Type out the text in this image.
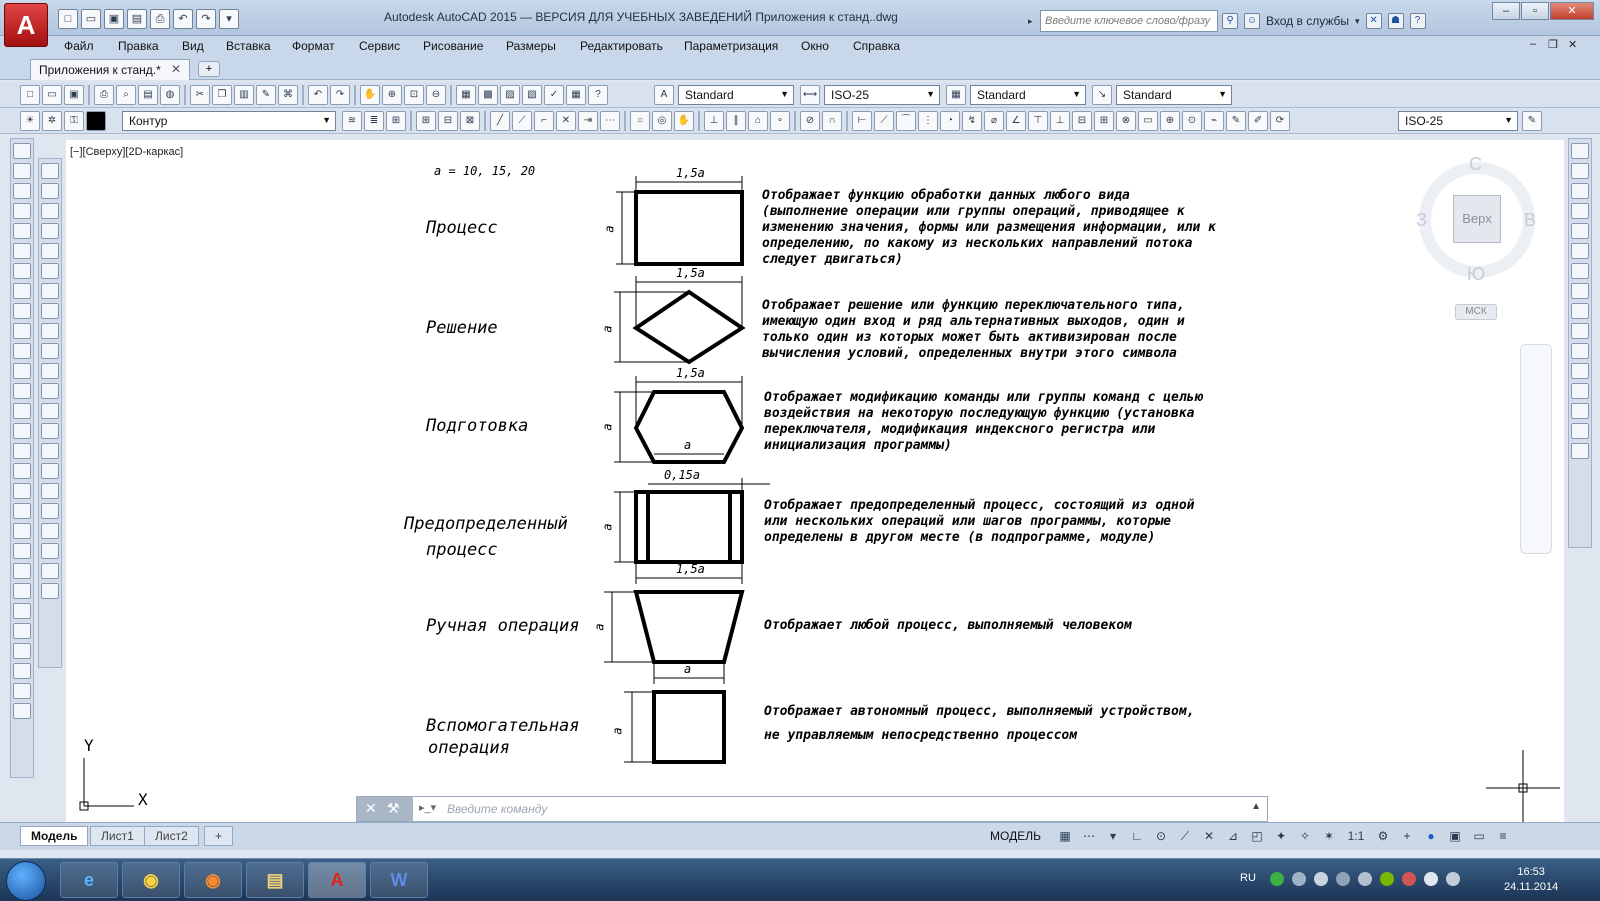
□	▭	▣	▤	⎙	↶	↷	▾	Autodesk AutoCAD 2015 — ВЕРСИЯ ДЛЯ УЧЕБНЫХ ЗАВЕДЕНИЙ Приложения к станд..dwg	▸	Введите ключевое слово/фразу	⚲	☺ Вход в службы ▾ ✕	☗	?
–	▫	✕
A
Файл Правка Вид Вставка Формат Сервис Рисование Размеры Редактировать Параметризация Окно Справка	– ❐ ✕
Приложения к станд.* ✕	+
□	▭	▣	⎙	⌕	▤	◍	✂	❐	▥	✎	⌘	↶	↷	✋	⊕	⊡	⊖	▦	▩	▨	▧	✓	▦	?	A	Standard	▼ ⟷	ISO-25	▼	▦	Standard	▼	↘	Standard	▼
☀	✲	⚿	Контур	▼	≋	≣	⊞	⊞	⊟	⊠	╱	⟋	⌐	✕	⇥	⋯	○	◎	✋	⊥	∥	⌂	∘	⊘	∩	⊢	⟋	⌒	⋮	◔	↯	⌀	∠	⊤	⊥	⊟	⊞	⊗	▭	⊕	⊙	⌁	✎	✐	⟳	ISO-25	▼	✎
[−][Сверху][2D-каркас]
a = 10, 15, 20
Процесс
1,5a
a
Отображает функцию обработки данных любого вида
(выполнение операции или группы операций, приводящее к
изменению значения, формы или размещения информации, или к
определению, по какому из нескольких направлений потока
следует двигаться)
Решение
1,5a
a
Отображает решение или функцию переключательного типа,
имеющую один вход и ряд альтернативных выходов, один и
только один из которых может быть активизирован после
вычисления условий, определенных внутри этого символа
Подготовка
1,5a
a
a
Отображает модификацию команды или группы команд с целью
воздействия на некоторую последующую функцию (установка
переключателя, модификация индексного регистра или
инициализация программы)
Предопределенный
процесс
0,15a
a
1,5a
Отображает предопределенный процесс, состоящий из одной
или нескольких операций или шагов программы, которые
определены в другом месте (в подпрограмме, модуле)
Ручная операция a
a
Отображает любой процесс, выполняемый человеком
Вспомогательная
операция
a
Отображает автономный процесс, выполняемый устройством,
не управляемым непосредственно процессом
Y
X
С
Ю
З	В
Верх
МСК
✕ ⚒ ▸_▾ Введите команду	▲
Модель	Лист1	Лист2	+	МОДЕЛЬ ▦ ⋯	▾	∟	⊙	⟋	✕	⊿	◰	✦	✧	✶	1:1	⚙	+	●	▣ ▭	≡
e	◉	◉	▤	A	W	RU	16:53
24.11.2014
